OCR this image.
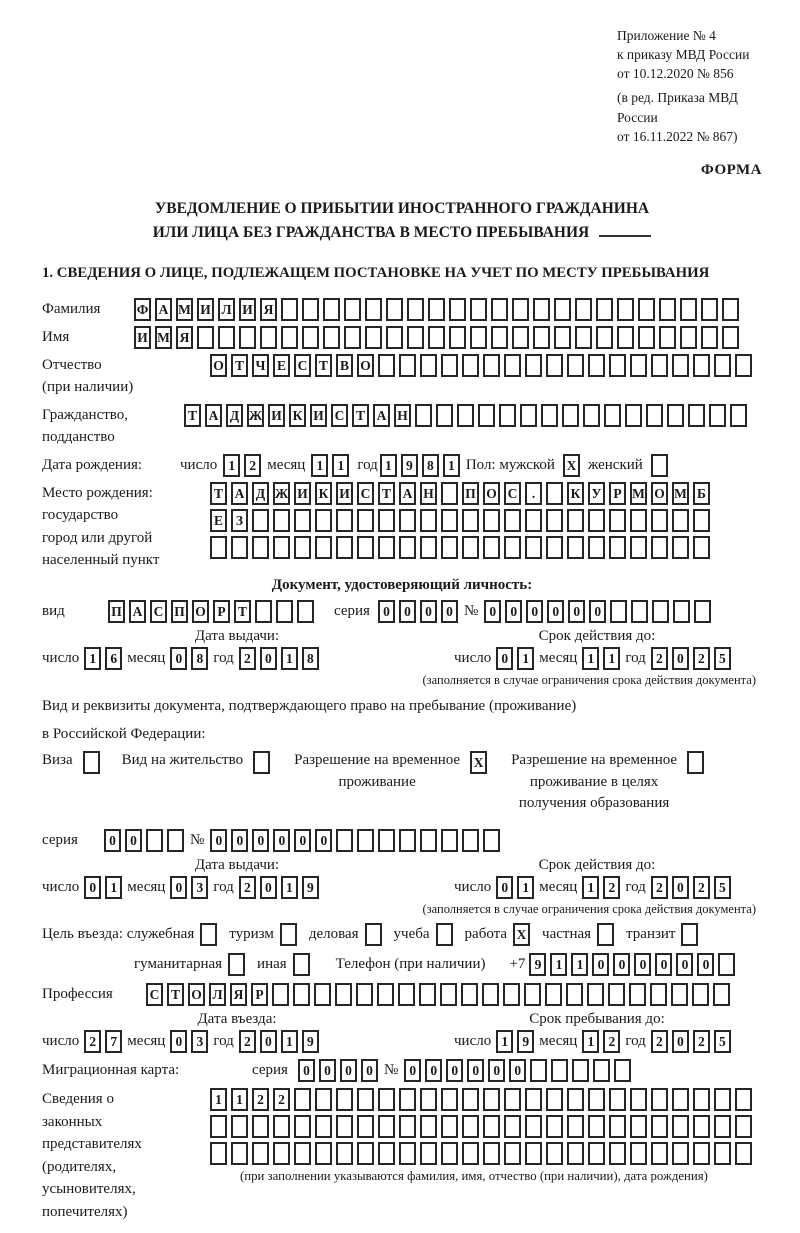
Приложение № 4
к приказу МВД России
от 10.12.2020 № 856
(в ред. Приказа МВД России
от 16.11.2022 № 867)
ФОРМА
УВЕДОМЛЕНИЕ О ПРИБЫТИИ ИНОСТРАННОГО ГРАЖДАНИНА
ИЛИ ЛИЦА БЕЗ ГРАЖДАНСТВА В МЕСТО ПРЕБЫВАНИЯ
1. СВЕДЕНИЯ О ЛИЦЕ, ПОДЛЕЖАЩЕМ ПОСТАНОВКЕ НА УЧЕТ ПО МЕСТУ ПРЕБЫВАНИЯ
Фамилия	Ф А М И Л И Я
Имя	И М Я
Отчество
(при наличии)
О Т Ч Е С Т В О
Гражданство,
подданство
Т А Д Ж И К И С Т А Н
Дата рождения:	число 1	2 месяц 1	1 год 1	9	8	1 Пол: мужской X женский
Место рождения:
государство
город или другой
населенный пункт
Т А Д Ж И К И С Т А Н П О С	.	К У Р М О М Б
Е З
Документ, удостоверяющий личность:
вид	П А С П О Р Т	серия 0	0	0	0 № 0	0	0	0	0	0
Дата выдачи:	Срок действия до:
число 1	6 месяц 0	8 год 2	0	1	8	число 0	1 месяц 1	1 год 2	0	2	5
(заполняется в случае ограничения срока действия документа)
Вид и реквизиты документа, подтверждающего право на пребывание (проживание)
в Российской Федерации:
Виза	Вид на жительство	Разрешение на временное
проживание
X Разрешение на временное
проживание в целях
получения образования
серия	0	0	№ 0	0	0	0	0	0
Дата выдачи:	Срок действия до:
число 0	1 месяц 0	3 год 2	0	1	9	число 0	1 месяц 1	2 год 2	0	2	5
(заполняется в случае ограничения срока действия документа)
Цель въезда: служебная туризм деловая учеба работа X частная транзит
гуманитарная иная	Телефон (при наличии) +7 9	1	1	0	0	0	0	0	0
Профессия	С Т О Л Я Р
Дата въезда:	Срок пребывания до:
число 2	7 месяц 0	3 год 2	0	1	9	число 1	9 месяц 1	2 год 2	0	2	5
Миграционная карта:	серия	0	0	0	0 № 0	0	0	0	0	0
Сведения о
законных
представителях
(родителях,
усыновителях,
попечителях)
1	1	2	2
(при заполнении указываются фамилия, имя, отчество (при наличии), дата рождения)
